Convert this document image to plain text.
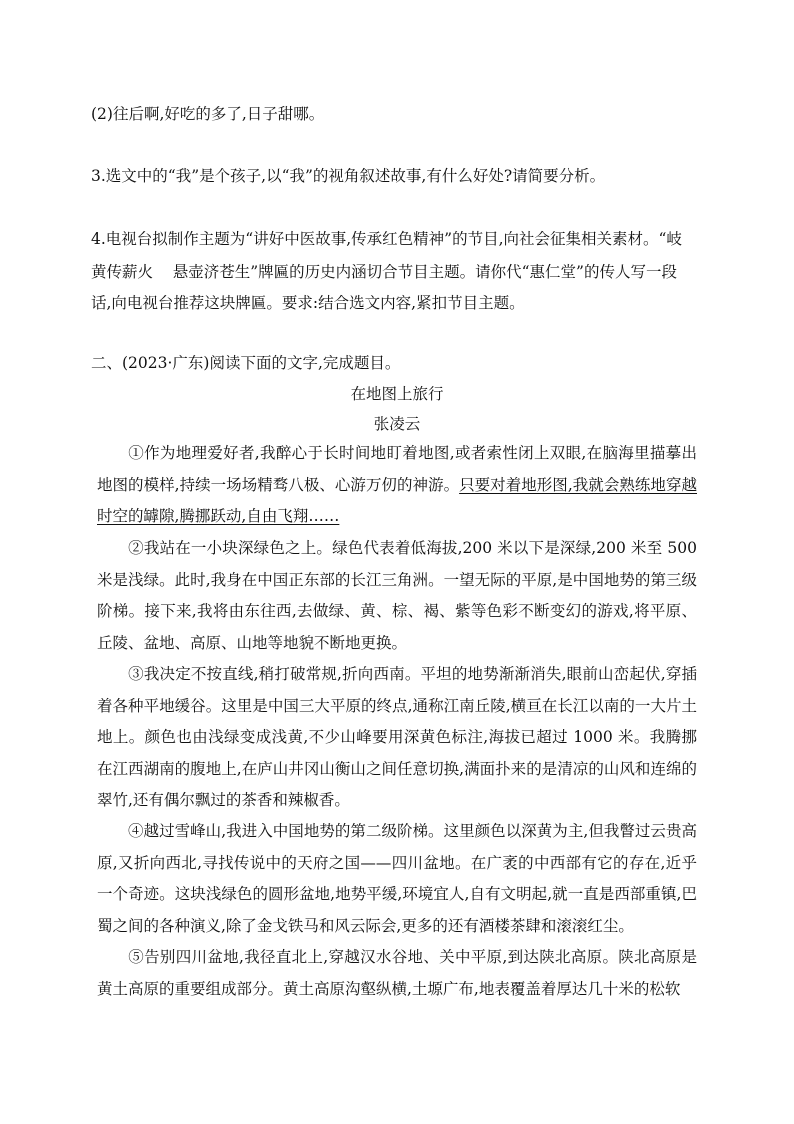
(2)往后啊,好吃的多了,日子甜哪。
3.选文中的“我”是个孩子,以“我”的视角叙述故事,有什么好处?请简要分析。
4.电视台拟制作主题为“讲好中医故事,传承红色精神”的节目,向社会征集相关素材。“岐
黄传薪火    悬壶济苍生”牌匾的历史内涵切合节目主题。请你代“惠仁堂”的传人写一段
话,向电视台推荐这块牌匾。要求:结合选文内容,紧扣节目主题。
二、(2023·广东)阅读下面的文字,完成题目。
在地图上旅行
张凌云
①作为地理爱好者,我醉心于长时间地盯着地图,或者索性闭上双眼,在脑海里描摹出地图的模样,持续一场场精骛八极、心游万仞的神游。只要对着地形图,我就会熟练地穿越时空的罅隙,腾挪跃动,自由飞翔……
②我站在一小块深绿色之上。绿色代表着低海拔,200 米以下是深绿,200 米至 500 米是浅绿。此时,我身在中国正东部的长江三角洲。一望无际的平原,是中国地势的第三级阶梯。接下来,我将由东往西,去做绿、黄、棕、褐、紫等色彩不断变幻的游戏,将平原、丘陵、盆地、高原、山地等地貌不断地更换。
③我决定不按直线,稍打破常规,折向西南。平坦的地势渐渐消失,眼前山峦起伏,穿插着各种平地缓谷。这里是中国三大平原的终点,通称江南丘陵,横亘在长江以南的一大片土地上。颜色也由浅绿变成浅黄,不少山峰要用深黄色标注,海拔已超过 1000 米。我腾挪在江西湖南的腹地上,在庐山井冈山衡山之间任意切换,满面扑来的是清凉的山风和连绵的翠竹,还有偶尔飘过的茶香和辣椒香。
④越过雪峰山,我进入中国地势的第二级阶梯。这里颜色以深黄为主,但我瞥过云贵高原,又折向西北,寻找传说中的天府之国——四川盆地。在广袤的中西部有它的存在,近乎一个奇迹。这块浅绿色的圆形盆地,地势平缓,环境宜人,自有文明起,就一直是西部重镇,巴蜀之间的各种演义,除了金戈铁马和风云际会,更多的还有酒楼茶肆和滚滚红尘。
⑤告别四川盆地,我径直北上,穿越汉水谷地、关中平原,到达陕北高原。陕北高原是黄土高原的重要组成部分。黄土高原沟壑纵横,土塬广布,地表覆盖着厚达几十米的松软
